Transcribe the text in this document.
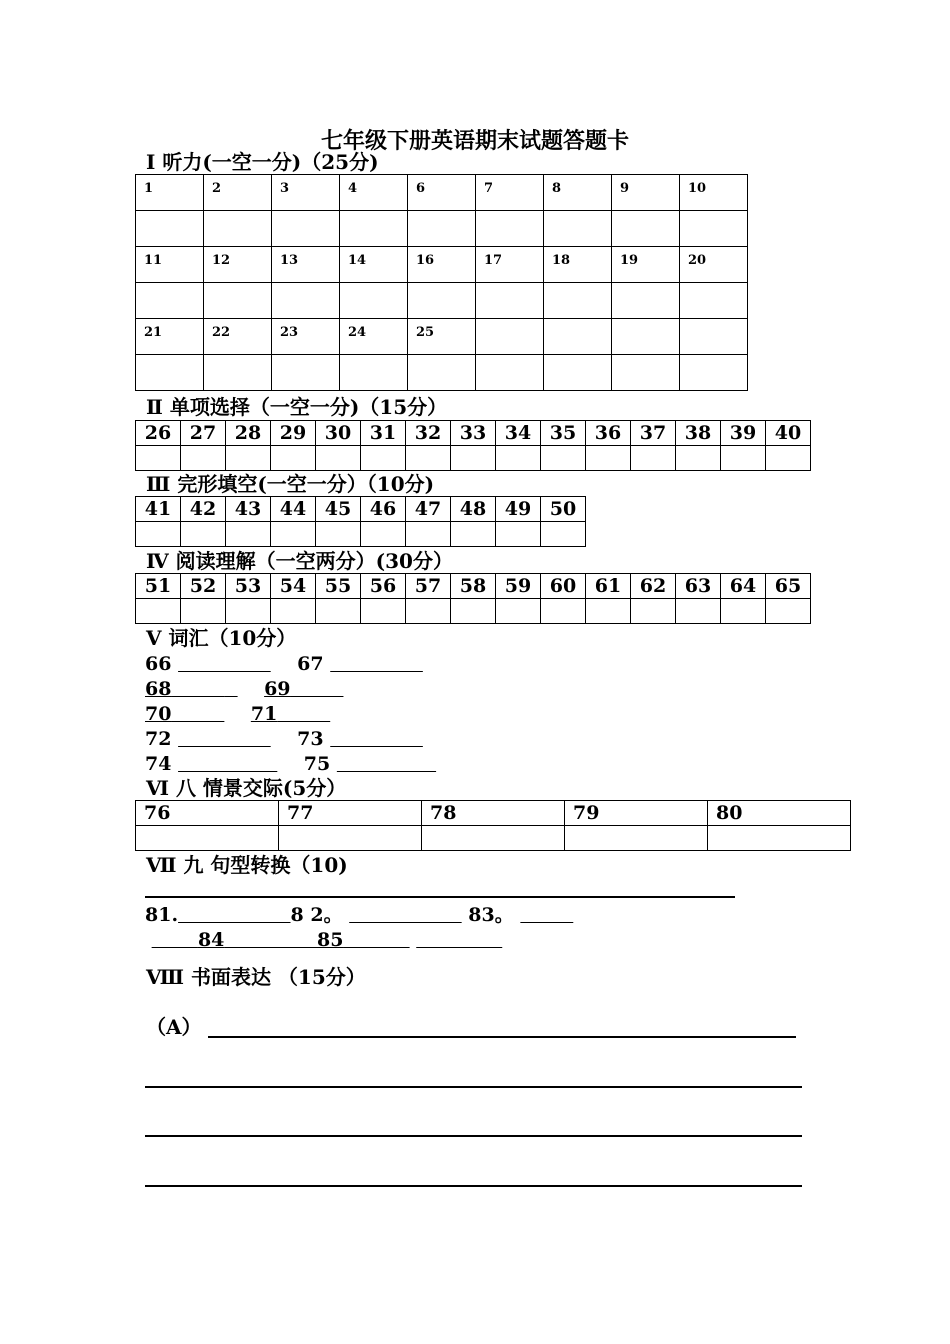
七年级下册英语期末试题答题卡
Ⅰ 听力(一空一分)（25分)
1	2	3	4	6	7	8	9	10

11	12	13	14	16	17	18	19	20

21	22	23	24	25				

Ⅱ 单项选择（一空一分)（15分）
26	27	28	29	30	31	32	33	34	35	36	37	38	39	40

Ⅲ 完形填空(一空一分）（10分)
41	42	43	44	45	46	47	48	49	50

Ⅳ 阅读理解（一空两分）(30分）
51	52	53	54	55	56	57	58	59	60	61	62	63	64	65

Ⅴ 词汇（10分）
66	67
68	69
70	71
72	73
74	75
Ⅵ 八 情景交际(5分）
76	77	78	79	80

Ⅶ 九 句型转换（10)
81.	8 2。	83。
84	85
Ⅷ 书面表达 （15分）
（A）
